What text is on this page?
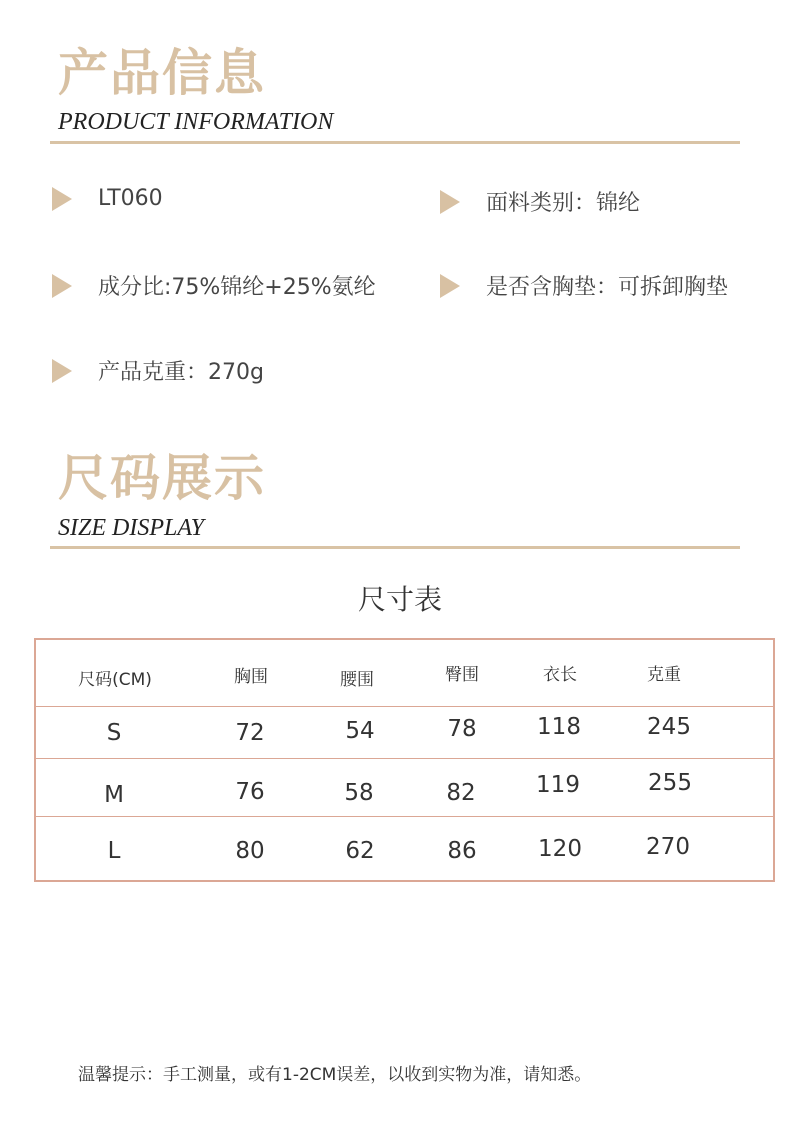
产品信息
PRODUCT INFORMATION
LT060	面料类别：锦纶
成分比:75%锦纶+25%氨纶	是否含胸垫：可拆卸胸垫
产品克重：270g
尺码展示
SIZE DISPLAY
尺寸表
尺码(CM)	胸围	腰围	臀围	衣长	克重
S	72	54	78	118	245
M	76	58	82	119	255
L	80	62	86	120	270
温馨提示：手工测量，或有1-2CM误差，以收到实物为准，请知悉。
